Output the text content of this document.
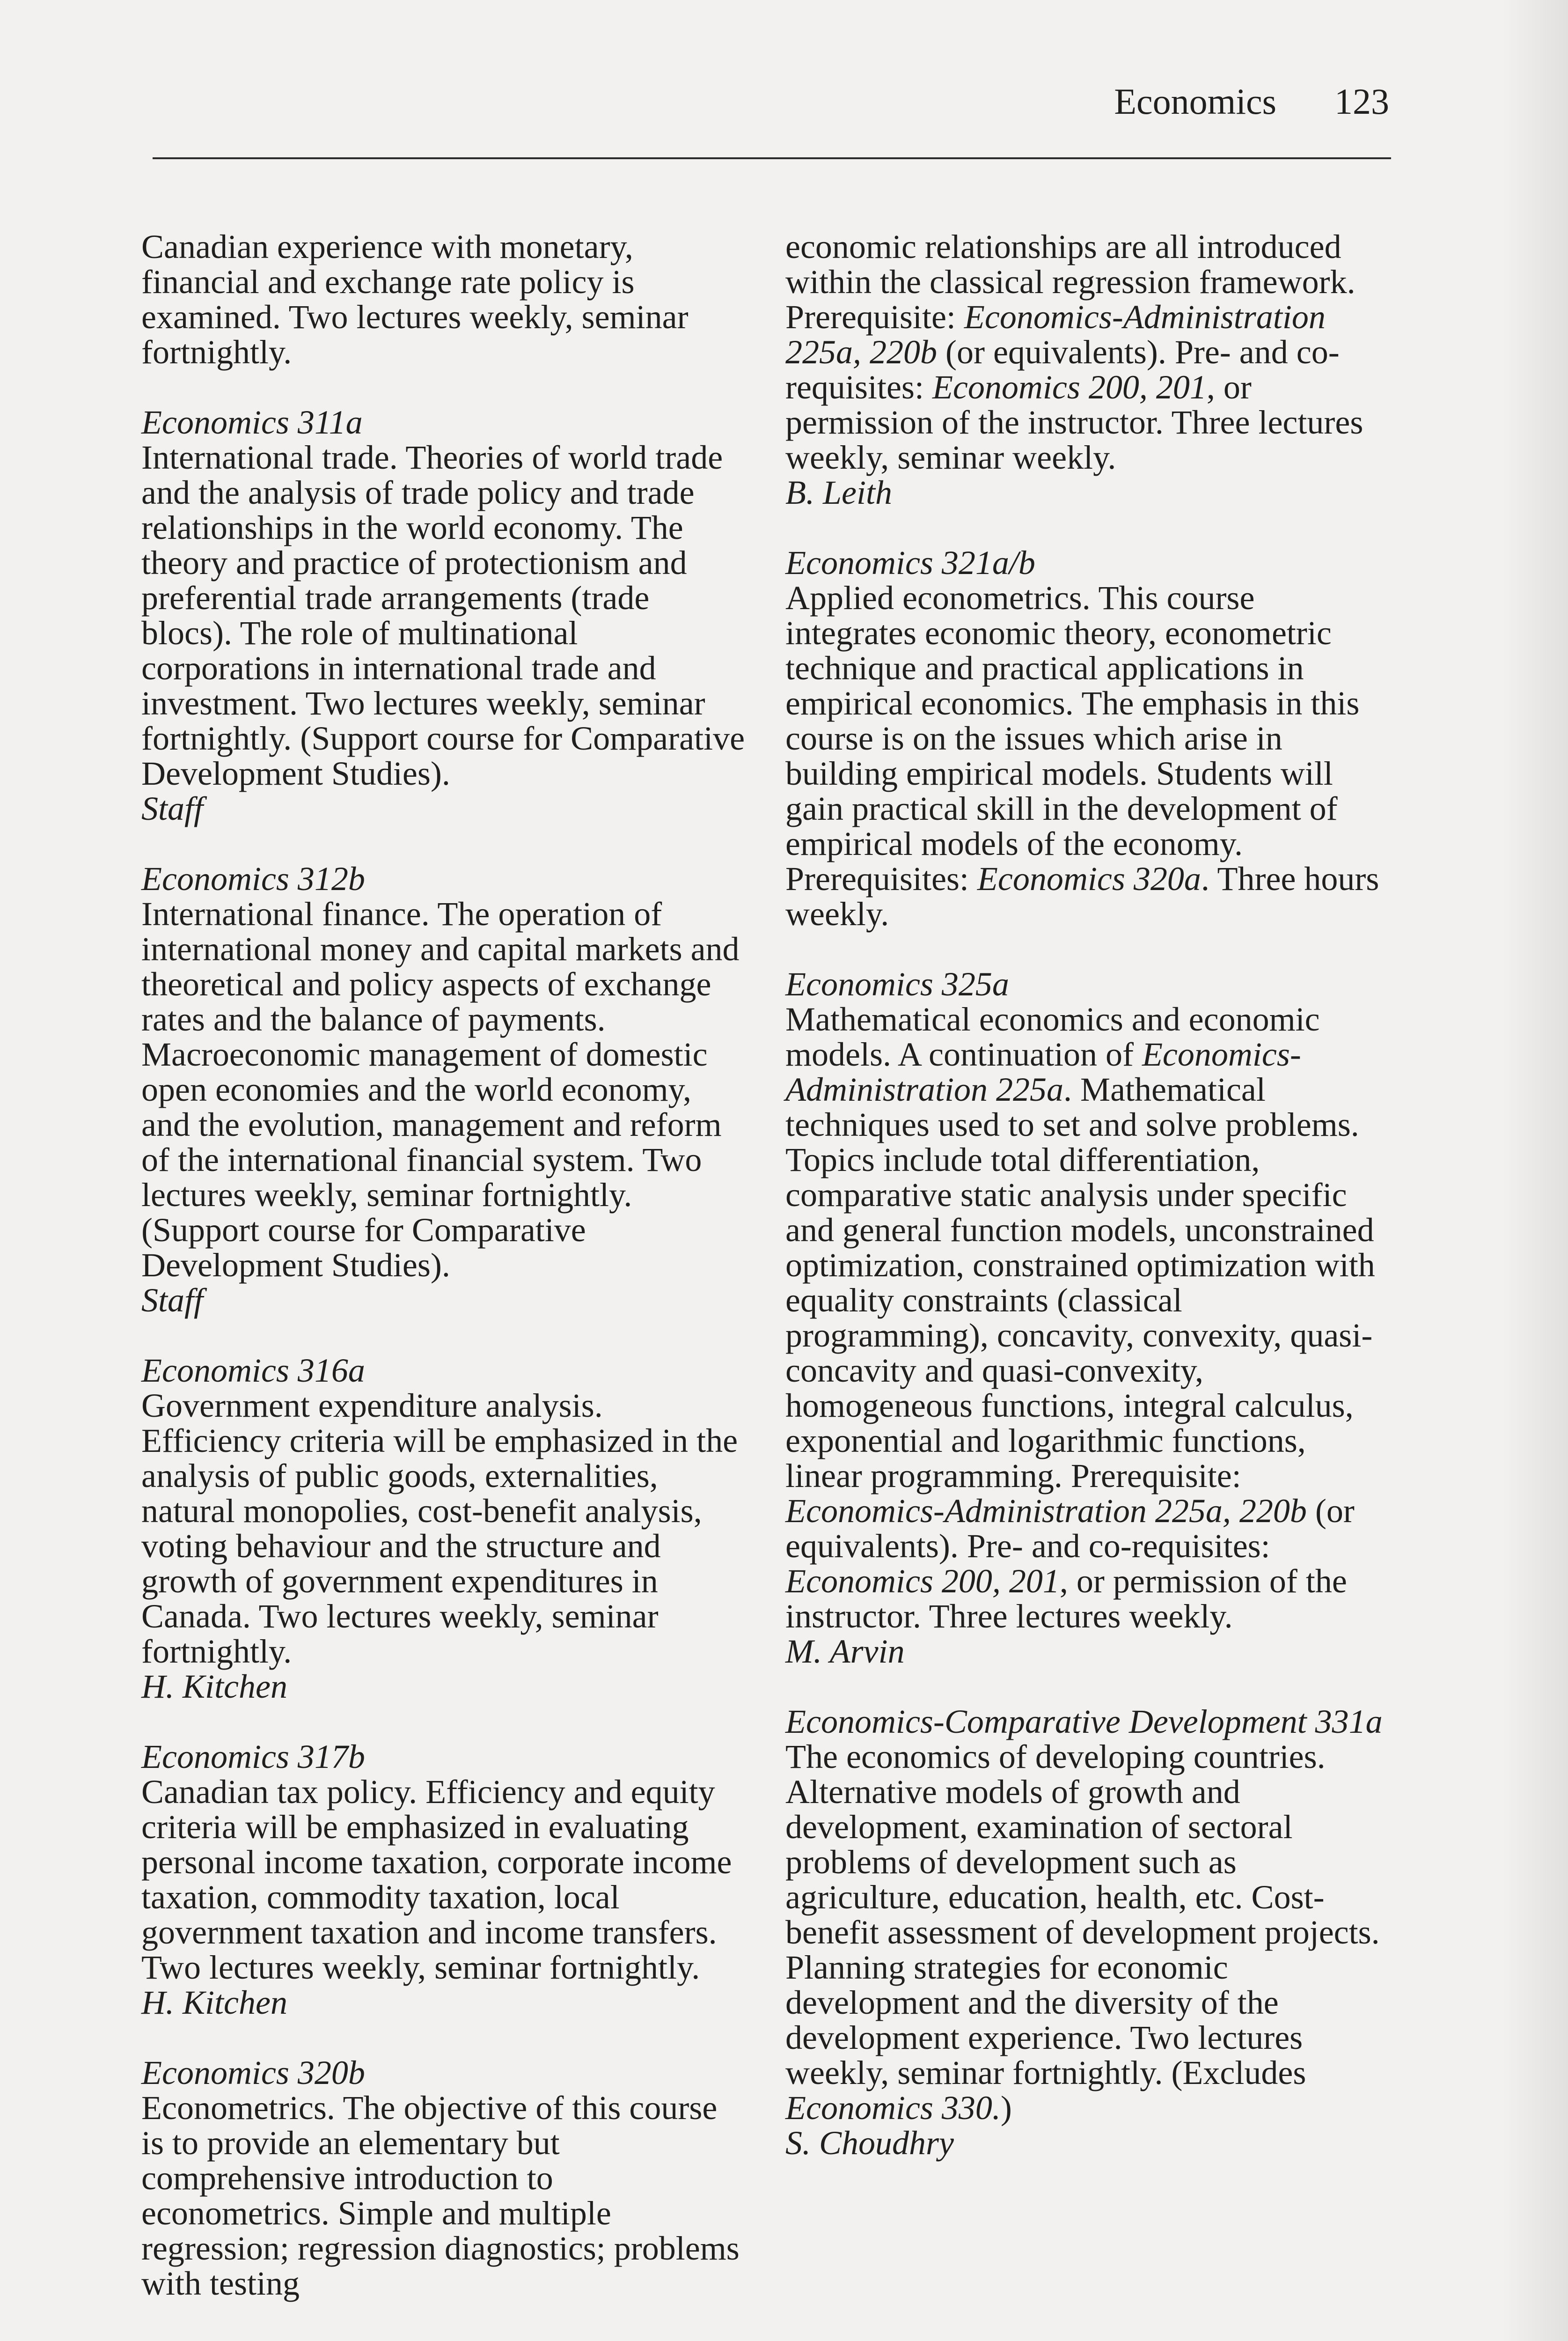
Economics 123

Canadian experience with monetary, financial and exchange rate policy is examined. Two lectures weekly, seminar fortnightly.

Economics 311a

International trade. Theories of world trade and the analysis of trade policy and trade relationships in the world economy. The theory and practice of protectionism and preferential trade arrangements (trade blocs). The role of multinational corporations in international trade and investment. Two lectures weekly, seminar fortnightly. (Support course for Comparative Development Studies).

Staff
Economics 312b

International finance. The operation of international money and capital markets and theoretical and policy aspects of exchange rates and the balance of payments. Macroeconomic management of domestic open economies and the world economy, and the evolution, management and reform of the international financial system. Two lectures weekly, seminar fortnightly. (Support course for Comparative Development Studies).

Staff
Economics 316a

Government expenditure analysis. Efficiency criteria will be emphasized in the analysis of public goods, externalities, natural monopolies, cost-benefit analysis, voting behaviour and the structure and growth of government expenditures in Canada. Two lectures weekly, seminar fortnightly.

H. Kitchen
Economics 317b

Canadian tax policy. Efficiency and equity criteria will be emphasized in evaluating personal income taxation, corporate income taxation, commodity taxation, local government taxation and income transfers. Two lectures weekly, seminar fortnightly.

H. Kitchen
Economics 320b

Econometrics. The objective of this course is to provide an elementary but comprehensive introduction to econometrics. Simple and multiple regression; regression diagnostics; problems with testing

economic relationships are all introduced within the classical regression framework. Prerequisite: Economics-Administration 225a, 220b (or equivalents). Pre- and co-requisites: Economics 200, 201, or permission of the instructor. Three lectures weekly, seminar weekly.

B. Leith
Economics 321a/b

Applied econometrics. This course integrates economic theory, econometric technique and practical applications in empirical economics. The emphasis in this course is on the issues which arise in building empirical models. Students will gain practical skill in the development of empirical models of the economy. Prerequisites: Economics 320a. Three hours weekly.

Economics 325a

Mathematical economics and economic models. A continuation of Economics-Administration 225a. Mathematical techniques used to set and solve problems. Topics include total differentiation, comparative static analysis under specific and general function models, unconstrained optimization, constrained optimization with equality constraints (classical programming), concavity, convexity, quasi-concavity and quasi-convexity, homogeneous functions, integral calculus, exponential and logarithmic functions, linear programming. Prerequisite: Economics-Administration 225a, 220b (or equivalents). Pre- and co-requisites: Economics 200, 201, or permission of the instructor. Three lectures weekly.

M. Arvin
Economics-Comparative Development 331a

The economics of developing countries. Alternative models of growth and development, examination of sectoral problems of development such as agriculture, education, health, etc. Cost-benefit assessment of development projects. Planning strategies for economic development and the diversity of the development experience. Two lectures weekly, seminar fortnightly. (Excludes Economics 330.)

S. Choudhry
